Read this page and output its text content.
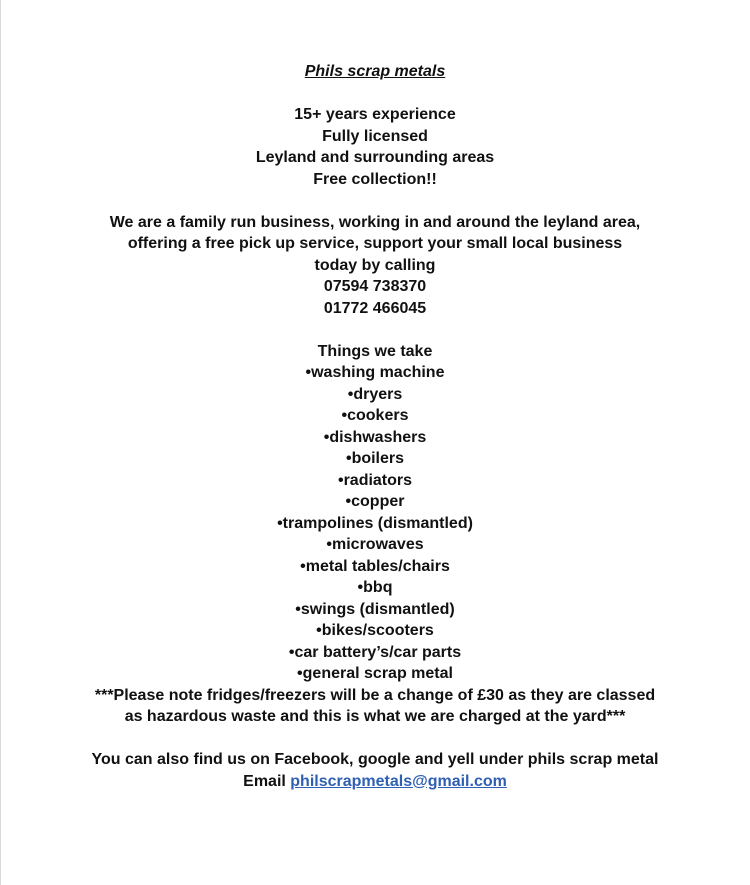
Phils scrap metals
15+ years experience
Fully licensed
Leyland and surrounding areas
Free collection!!
We are a family run business, working in and around the leyland area, offering a free pick up service, support your small local business today by calling
07594 738370
01772 466045
Things we take
•washing machine
•dryers
•cookers
•dishwashers
•boilers
•radiators
•copper
•trampolines (dismantled)
•microwaves
•metal tables/chairs
•bbq
•swings (dismantled)
•bikes/scooters
•car battery’s/car parts
•general scrap metal
***Please note fridges/freezers will be a change of £30 as they are classed as hazardous waste and this is what we are charged at the yard***
You can also find us on Facebook, google and yell under phils scrap metal
Email philscrapmetals@gmail.com
